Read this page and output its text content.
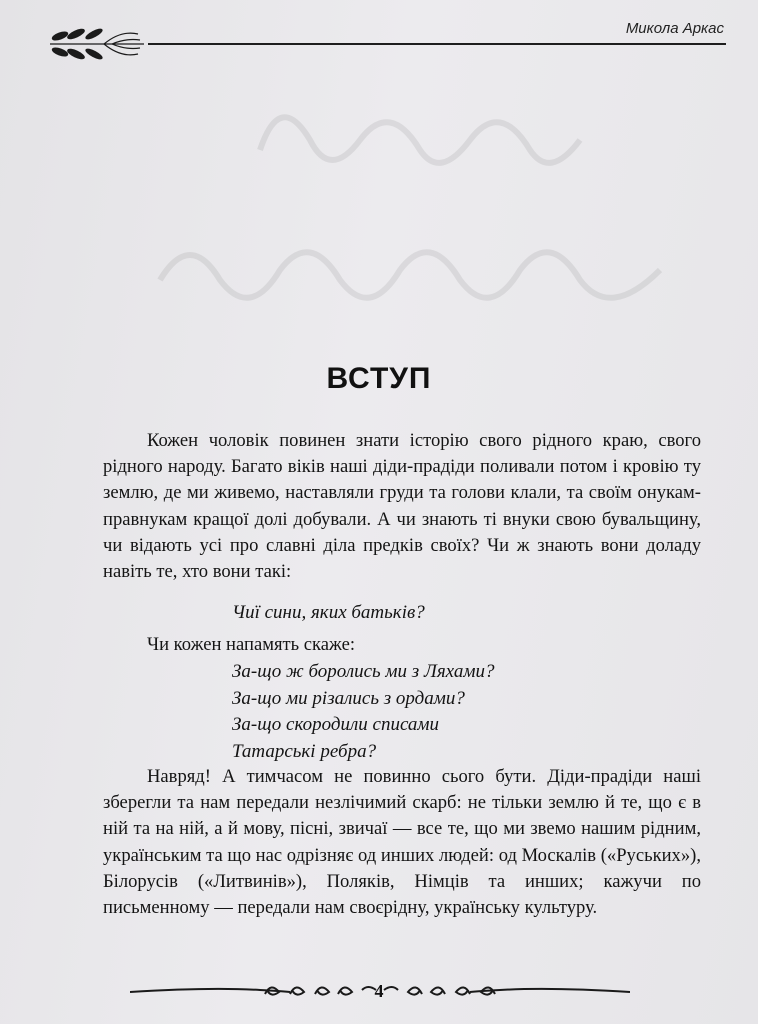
Микола Аркас
ВСТУП
Кожен чоловік повинен знати історію свого рідного краю, свого рідного народу. Багато віків наші діди-прадіди поливали потом і кровію ту землю, де ми живемо, наставляли груди та голови клали, та своїм онукам-правнукам кращої долі добували. А чи знають ті внуки свою бувальщину, чи відають усі про славні діла предків своїх? Чи ж знають вони доладу навіть те, хто вони такі:
Чиї сини, яких батьків?
Чи кожен напамять скаже:
За-що ж боролись ми з Ляхами?
За-що ми різались з ордами?
За-що скородили списами
Татарські ребра?
Навряд! А тимчасом не повинно сього бути. Діди-прадіди наші зберегли та нам передали незлічимий скарб: не тільки землю й те, що є в ній та на ній, а й мову, пісні, звичаї — все те, що ми звемо нашим рідним, українським та що нас одрізняє од инших людей: од Москалів («Руських»), Білорусів («Литвинів»), Поляків, Німців та инших; кажучи по письменному — передали нам своєрідну, українську культуру.
4
